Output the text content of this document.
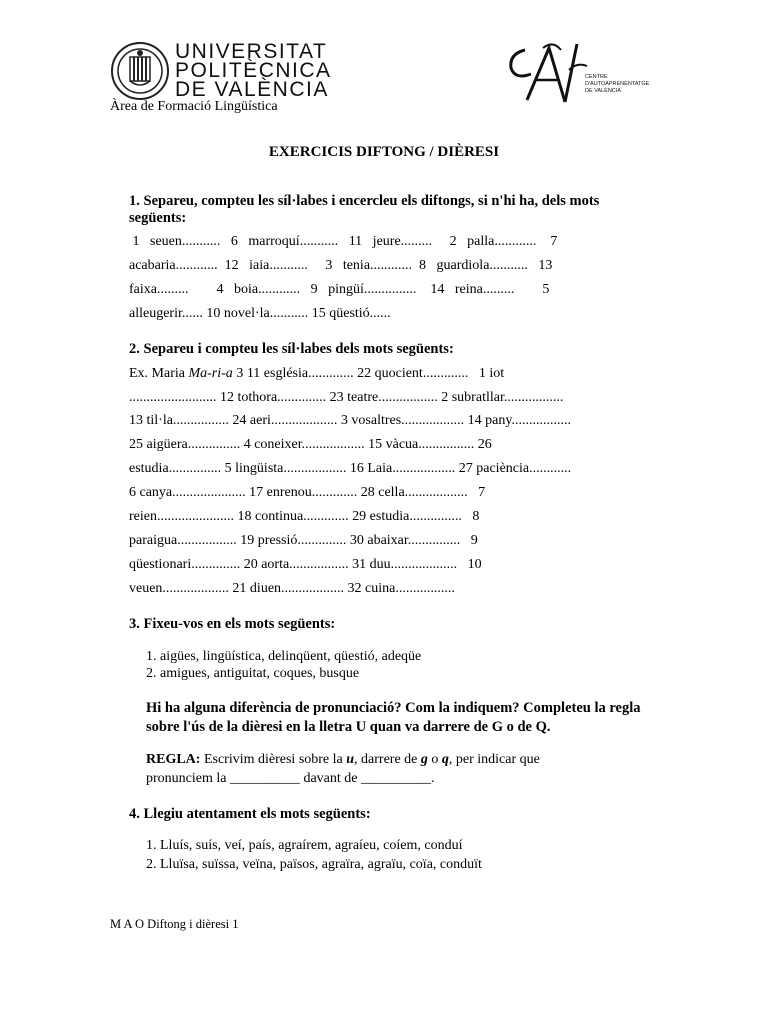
UNIVERSITAT
POLITÈCNICA
DE VALÈNCIA
Àrea de Formació Lingüística
CENTRE
D'AUTOAPRENENTATGE
DE VALÈNCIA
EXERCICIS DIFTONG / DIÈRESI
1. Separeu, compteu les síl·labes i encercleu els diftongs, si n'hi ha, dels mots següents:
1   seuen...........   6   marroquí...........   11   jeure.........     2   palla............    7
acabaria............  12   iaia...........     3   tenia............  8   guardiola...........   13
faixa.........        4   boia............   9   pingüí...............    14   reina.........        5
alleugerir...... 10 novel·la........... 15 qüestió......
2. Separeu i compteu les síl·labes dels mots següents:
Ex. Maria Ma-ri-a 3 11 església............. 22 quocient.............   1 iot
......................... 12 tothora.............. 23 teatre................. 2 subratllar.................
13 til·la................ 24 aeri................... 3 vosaltres.................. 14 pany.................
25 aigüera............... 4 coneixer.................. 15 vàcua................ 26
estudia............... 5 lingüista.................. 16 Laia.................. 27 paciència............
6 canya..................... 17 enrenou............. 28 cella..................   7
reien...................... 18 continua............. 29 estudia...............   8
paraigua................. 19 pressió.............. 30 abaixar...............   9
qüestionari.............. 20 aorta................. 31 duu...................   10
veuen................... 21 diuen.................. 32 cuina.................
3. Fixeu-vos en els mots següents:
1. aigües, lingüística, delinqüent, qüestió, adeqüe
2. amigues, antiguitat, coques, busque
Hi ha alguna diferència de pronunciació? Com la indiquem? Completeu la regla sobre l'ús de la dièresi en la lletra U quan va darrere de G o de Q.
REGLA: Escrivim dièresi sobre la u, darrere de g o q, per indicar que
pronunciem la __________ davant de __________.
4. Llegiu atentament els mots següents:
1. Lluís, suís, veí, país, agraírem, agraíeu, coíem, conduí
2. Lluïsa, suïssa, veïna, països, agraïra, agraïu, coïa, conduït
M A O Diftong i dièresi 1
